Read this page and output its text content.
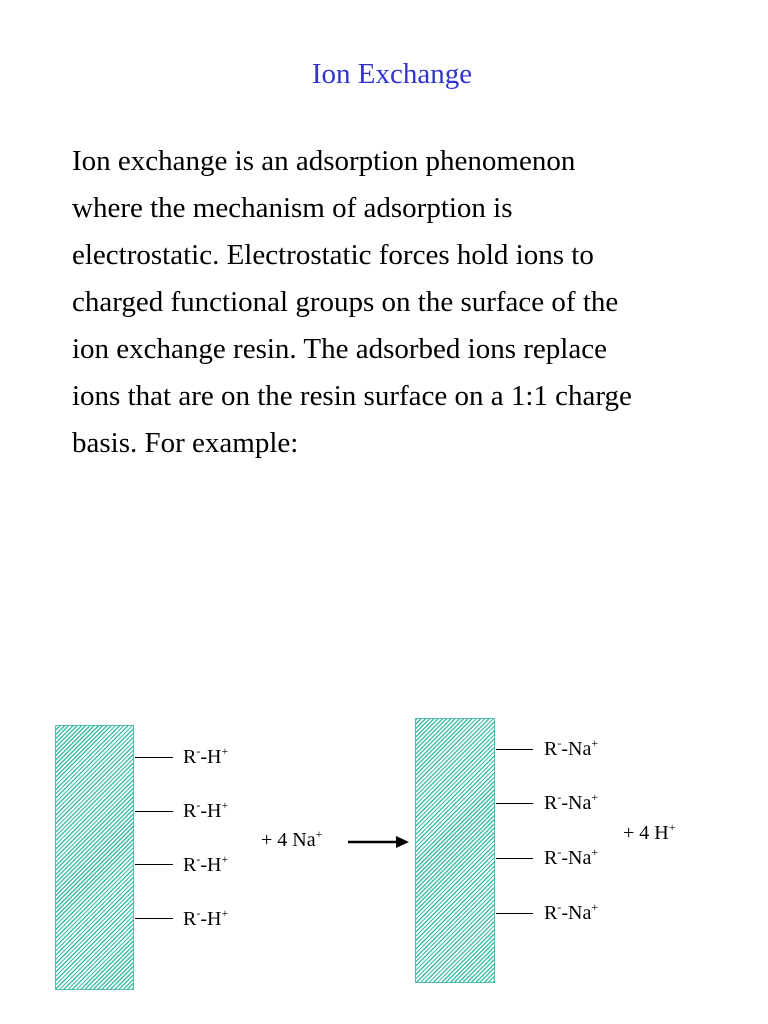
Ion Exchange

Ion exchange is an adsorption phenomenon
where the mechanism of adsorption is
electrostatic. Electrostatic forces hold ions to
charged functional groups on the surface of the
ion exchange resin. The adsorbed ions replace
ions that are on the resin surface on a 1:1 charge
basis. For example:

R--H+
R--H+
R--H+
R--H+
+ 4 Na+ →
R--Na+
R--Na+
R--Na+
R--Na+
+ 4 H+
